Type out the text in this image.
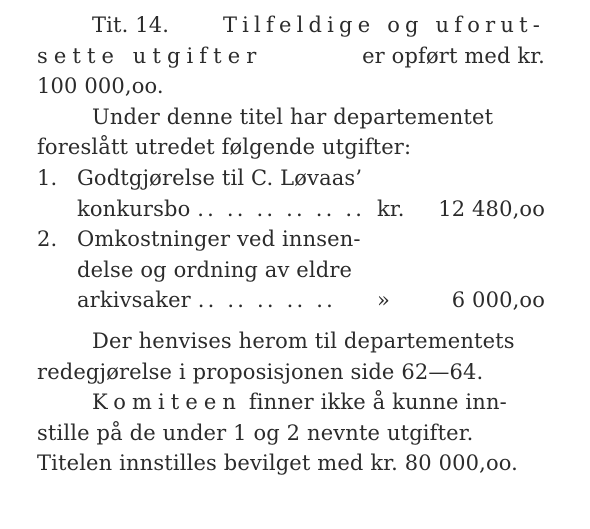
Tit. 14.	Tilfeldige og uforut-
sette utgifter	er opført med kr.
100 000,oo.
Under denne titel har departementet
foreslått utredet følgende utgifter:
1. Godtgjørelse til C. Løvaas’
konkursbo .. .. .. .. .. .. kr. 12 480,oo
2. Omkostninger ved innsen-
delse og ordning av eldre
arkivsaker .. .. .. .. .. »	6 000,oo
Der henvises herom til departementets
redegjørelse i proposisjonen side 62—64.
Komiteen finner ikke å kunne inn-
stille på de under 1 og 2 nevnte utgifter.
Titelen innstilles bevilget med kr. 80 000,oo.
